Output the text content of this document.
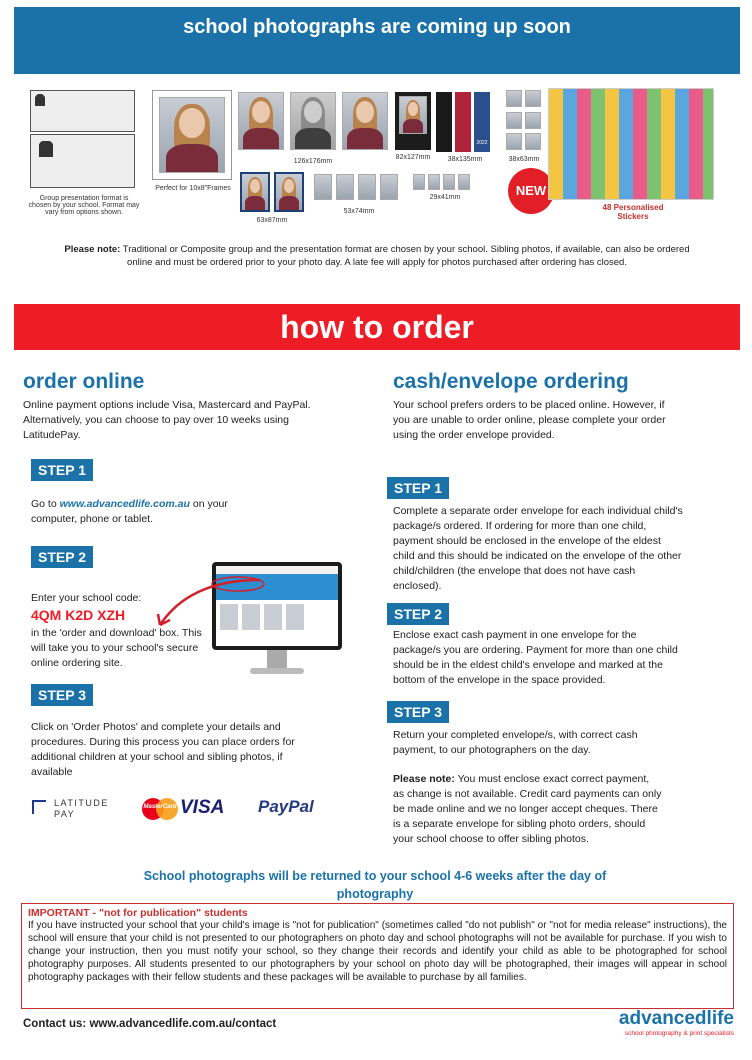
school photographs are coming up soon
Group presentation format is chosen by your school. Format may vary from options shown.
Perfect for 10x8"Frames
126x176mm
82x127mm
2022
38x135mm	38x63mm
63x87mm
53x74mm
29x41mm	NEW
48 Personalised Stickers
Please note: Traditional or Composite group and the presentation format are chosen by your school. Sibling photos, if available, can also be ordered online and must be ordered prior to your photo day. A late fee will apply for photos purchased after ordering has closed.
how to order
order online
Online payment options include Visa, Mastercard and PayPal. Alternatively, you can choose to pay over 10 weeks using LatitudePay.
STEP 1
Go to www.advancedlife.com.au on your computer, phone or tablet.
STEP 2
Enter your school code:
4QM K2D XZH
in the 'order and download' box. This will take you to your school's secure online ordering site.
STEP 3
Click on 'Order Photos' and complete your details and procedures. During this process you can place orders for additional children at your school and sibling photos, if available
LATITUDE
PAY
MasterCard VISA PayPal
cash/envelope ordering
Your school prefers orders to be placed online. However, if you are unable to order online, please complete your order using the order envelope provided.
STEP 1
Complete a separate order envelope for each individual child's package/s ordered. If ordering for more than one child, payment should be enclosed in the envelope of the eldest child and this should be indicated on the envelope of the other child/children (the envelope that does not have cash enclosed).
STEP 2
Enclose exact cash payment in one envelope for the package/s you are ordering. Payment for more than one child should be in the eldest child's envelope and marked at the bottom of the envelope in the space provided.
STEP 3
Return your completed envelope/s, with correct cash payment, to our photographers on the day.
Please note: You must enclose exact correct payment, as change is not available. Credit card payments can only be made online and we no longer accept cheques. There is a separate envelope for sibling photo orders, should your school choose to offer sibling photos.
School photographs will be returned to your school 4-6 weeks after the day of photography
IMPORTANT - "not for publication" students
If you have instructed your school that your child's image is "not for publication" (sometimes called "do not publish" or "not for media release" instructions), the school will ensure that your child is not presented to our photographers on photo day and school photographs will not be available for purchase. If you wish to change your instruction, then you must notify your school, so they change their records and identify your child as able to be photographed for school photography purposes. All students presented to our photographers by your school on photo day will be photographed, their images will appear in school photography packages with their fellow students and these packages will be available to purchase by all families.
Contact us: www.advancedlife.com.au/contact	advancedlife
school photography & print specialists
